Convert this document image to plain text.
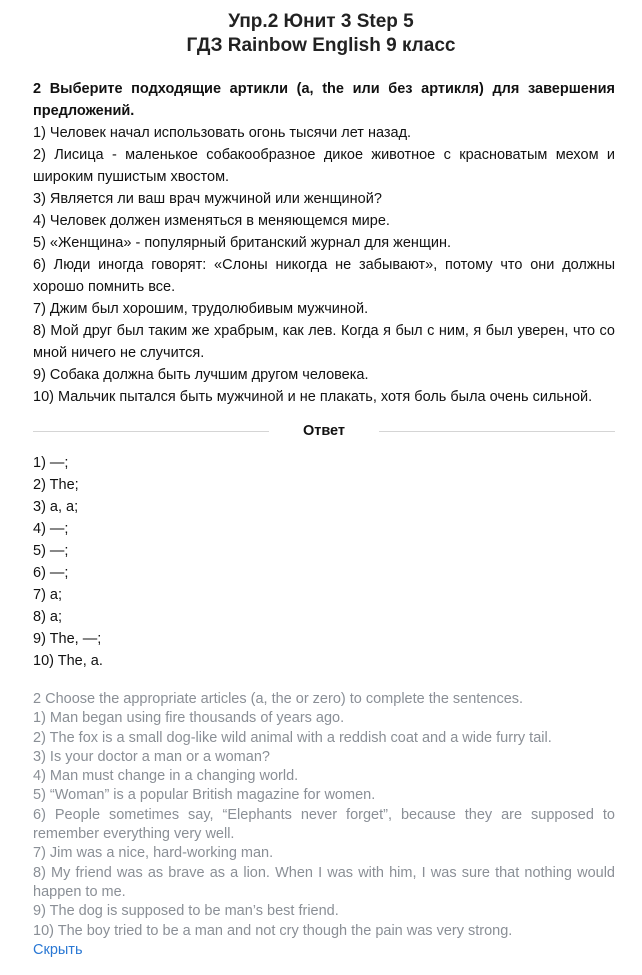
Упр.2 Юнит 3 Step 5
ГДЗ Rainbow English 9 класс

2 Выберите подходящие артикли (a, the или без артикля) для завершения предложений.

1) Человек начал использовать огонь тысячи лет назад.

2) Лисица - маленькое собакообразное дикое животное с красноватым мехом и широким пушистым хвостом.

3) Является ли ваш врач мужчиной или женщиной?

4) Человек должен изменяться в меняющемся мире.

5) «Женщина» - популярный британский журнал для женщин.

6) Люди иногда говорят: «Слоны никогда не забывают», потому что они должны хорошо помнить все.

7) Джим был хорошим, трудолюбивым мужчиной.

8) Мой друг был таким же храбрым, как лев. Когда я был с ним, я был уверен, что со мной ничего не случится.

9) Собака должна быть лучшим другом человека.

10) Мальчик пытался быть мужчиной и не плакать, хотя боль была очень сильной.

Ответ
1) —;
2) The;
3) a, a;
4) —;
5) —;
6) —;
7) a;
8) a;
9) The, —;
10) The, a.

2 Choose the appropriate articles (a, the or zero) to complete the sentences.

1) Man began using fire thousands of years ago.

2) The fox is a small dog-like wild animal with a reddish coat and a wide furry tail.

3) Is your doctor a man or a woman?

4) Man must change in a changing world.

5) “Woman” is a popular British magazine for women.

6) People sometimes say, “Elephants never forget”, because they are supposed to remember everything very well.

7) Jim was a nice, hard-working man.

8) My friend was as brave as a lion. When I was with him, I was sure that nothing would happen to me.

9) The dog is supposed to be man’s best friend.

10) The boy tried to be a man and not cry though the pain was very strong.

Скрыть
